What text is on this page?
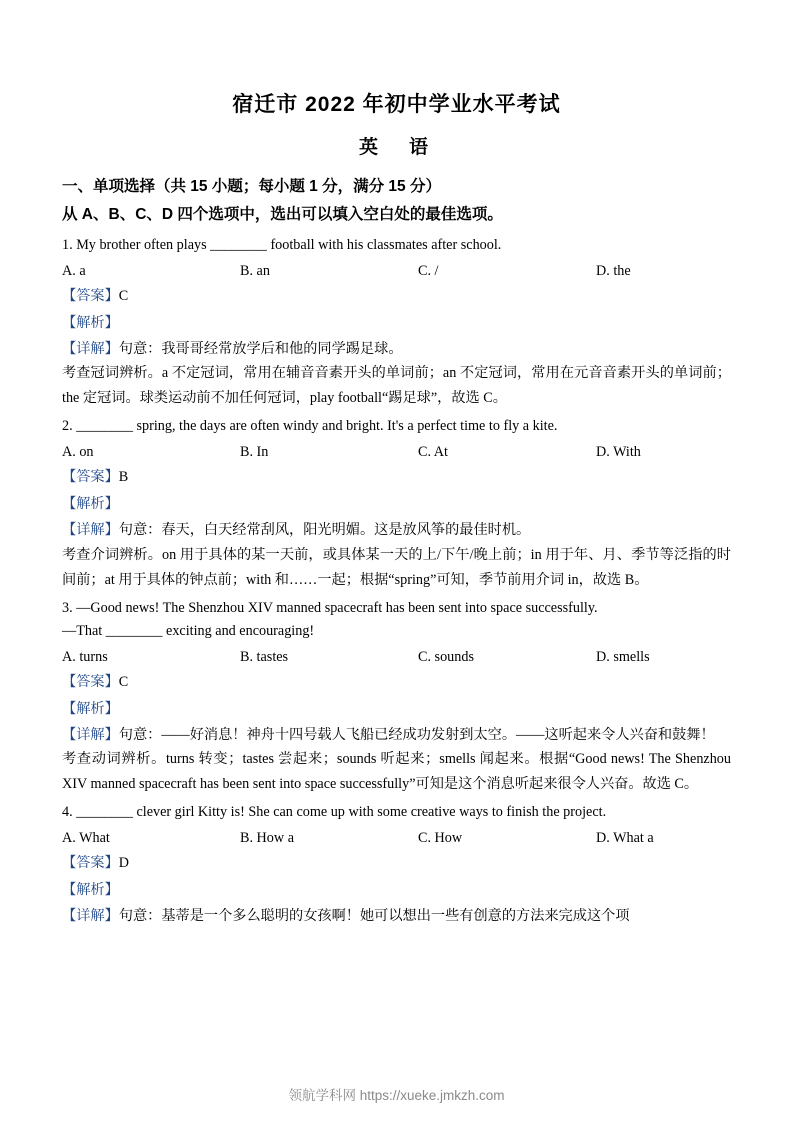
宿迁市 2022 年初中学业水平考试
英　语
一、单项选择（共 15 小题；每小题 1 分，满分 15 分）
从 A、B、C、D 四个选项中，选出可以填入空白处的最佳选项。
1. My brother often plays ________ football with his classmates after school.
A. a	B. an	C. /	D. the
【答案】C
【解析】
【详解】句意：我哥哥经常放学后和他的同学踢足球。
考查冠词辨析。a 不定冠词，常用在辅音音素开头的单词前；an 不定冠词，常用在元音音素开头的单词前；the 定冠词。球类运动前不加任何冠词，play football“踢足球”，故选 C。
2. ________ spring, the days are often windy and bright. It's a perfect time to fly a kite.
A. on	B. In	C. At	D. With
【答案】B
【解析】
【详解】句意：春天，白天经常刮风，阳光明媚。这是放风筝的最佳时机。
考查介词辨析。on 用于具体的某一天前，或具体某一天的上/下午/晚上前；in 用于年、月、季节等泛指的时间前；at 用于具体的钟点前；with 和……一起；根据“spring”可知，季节前用介词 in，故选 B。
3. —Good news! The Shenzhou XIV manned spacecraft has been sent into space successfully.
—That ________ exciting and encouraging!
A. turns	B. tastes	C. sounds	D. smells
【答案】C
【解析】
【详解】句意：——好消息！神舟十四号载人飞船已经成功发射到太空。——这听起来令人兴奋和鼓舞！
考查动词辨析。turns 转变；tastes 尝起来；sounds 听起来；smells 闻起来。根据“Good news! The Shenzhou XIV manned spacecraft has been sent into space successfully”可知是这个消息听起来很令人兴奋。故选 C。
4. ________ clever girl Kitty is! She can come up with some creative ways to finish the project.
A. What	B. How a	C. How	D. What a
【答案】D
【解析】
【详解】句意：基蒂是一个多么聪明的女孩啊！她可以想出一些有创意的方法来完成这个项
领航学科网 https://xueke.jmkzh.com
